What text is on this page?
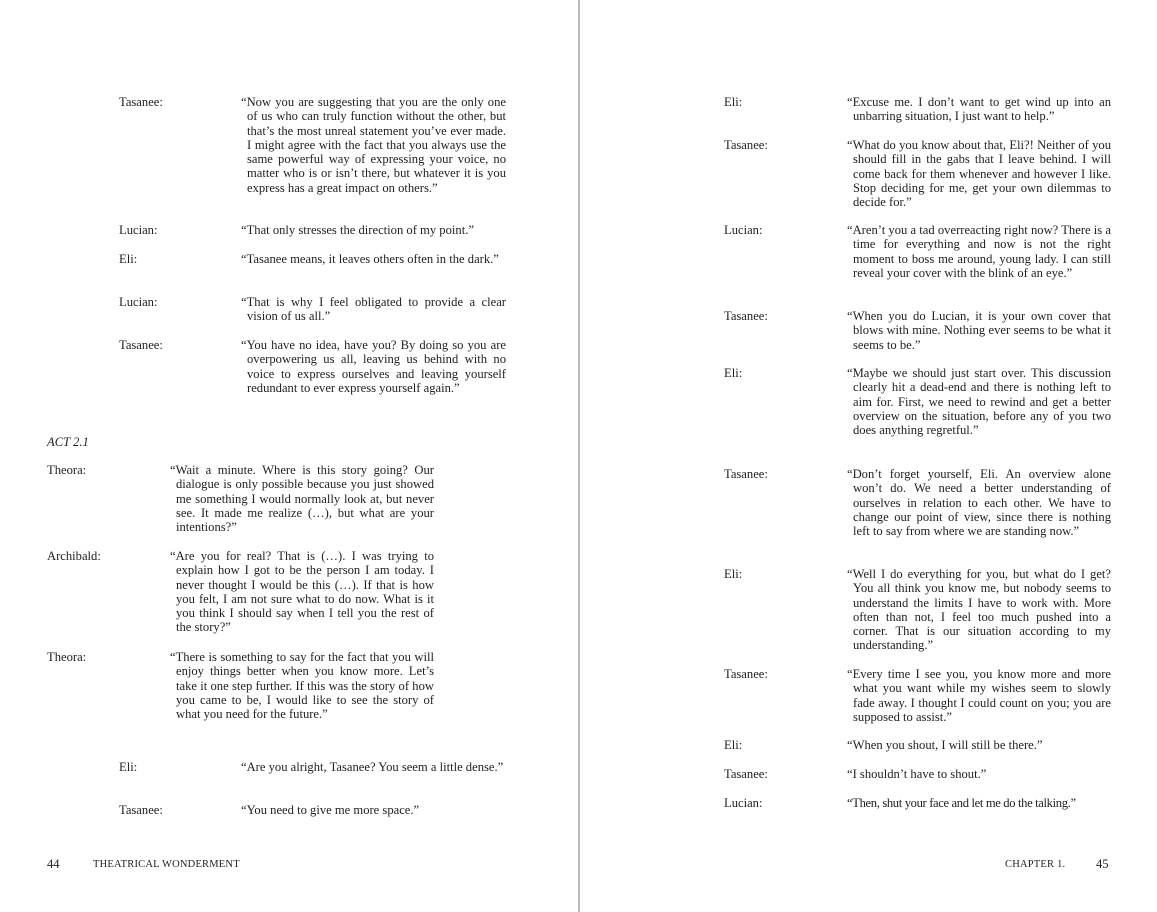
Tasanee:	“Now you are suggesting that you are the only one of us who can truly function without the other, but that’s the most unreal statement you’ve ever made. I might agree with the fact that you always use the same powerful way of expressing your voice, no matter who is or isn’t there, but whatever it is you express has a great impact on others.”
Lucian:	“That only stresses the direction of my point.”
Eli:	“Tasanee means, it leaves others often in the dark.”
Lucian:	“That is why I feel obligated to provide a clear vision of us all.”
Tasanee:	“You have no idea, have you? By doing so you are overpowering us all, leaving us behind with no voice to express ourselves and leaving yourself redundant to ever express yourself again.”
ACT 2.1
Theora:	“Wait a minute. Where is this story going? Our dialogue is only possible because you just showed me something I would normally look at, but never see. It made me realize (…), but what are your intentions?”
Archibald:	“Are you for real? That is (…). I was trying to explain how I got to be the person I am today. I never thought I would be this (…). If that is how you felt, I am not sure what to do now. What is it you think I should say when I tell you the rest of the story?”
Theora:	“There is something to say for the fact that you will enjoy things better when you know more. Let’s take it one step further. If this was the story of how you came to be, I would like to see the story of what you need for the future.”
Eli:	“Are you alright, Tasanee? You seem a little dense.”
Tasanee:	“You need to give me more space.”
44	THEATRICAL WONDERMENT
Eli:	“Excuse me. I don’t want to get wind up into an unbarring situation, I just want to help.”
Tasanee:	“What do you know about that, Eli?! Neither of you should fill in the gabs that I leave behind. I will come back for them whenever and however I like. Stop deciding for me, get your own dilemmas to decide for.”
Lucian:	“Aren’t you a tad overreacting right now? There is a time for everything and now is not the right moment to boss me around, young lady. I can still reveal your cover with the blink of an eye.”
Tasanee:	“When you do Lucian, it is your own cover that blows with mine. Nothing ever seems to be what it seems to be.”
Eli:	“Maybe we should just start over. This discussion clearly hit a dead-end and there is nothing left to aim for. First, we need to rewind and get a better overview on the situation, before any of you two does anything regretful.”
Tasanee:	“Don’t forget yourself, Eli. An overview alone won’t do. We need a better understanding of ourselves in relation to each other. We have to change our point of view, since there is nothing left to say from where we are standing now.”
Eli:	“Well I do everything for you, but what do I get? You all think you know me, but nobody seems to understand the limits I have to work with. More often than not, I feel too much pushed into a corner. That is our situation according to my understanding.”
Tasanee:	“Every time I see you, you know more and more what you want while my wishes seem to slowly fade away. I thought I could count on you; you are supposed to assist.”
Eli:	“When you shout, I will still be there.”
Tasanee:	“I shouldn’t have to shout.”
Lucian:	“Then, shut your face and let me do the talking.”
CHAPTER 1. 45
